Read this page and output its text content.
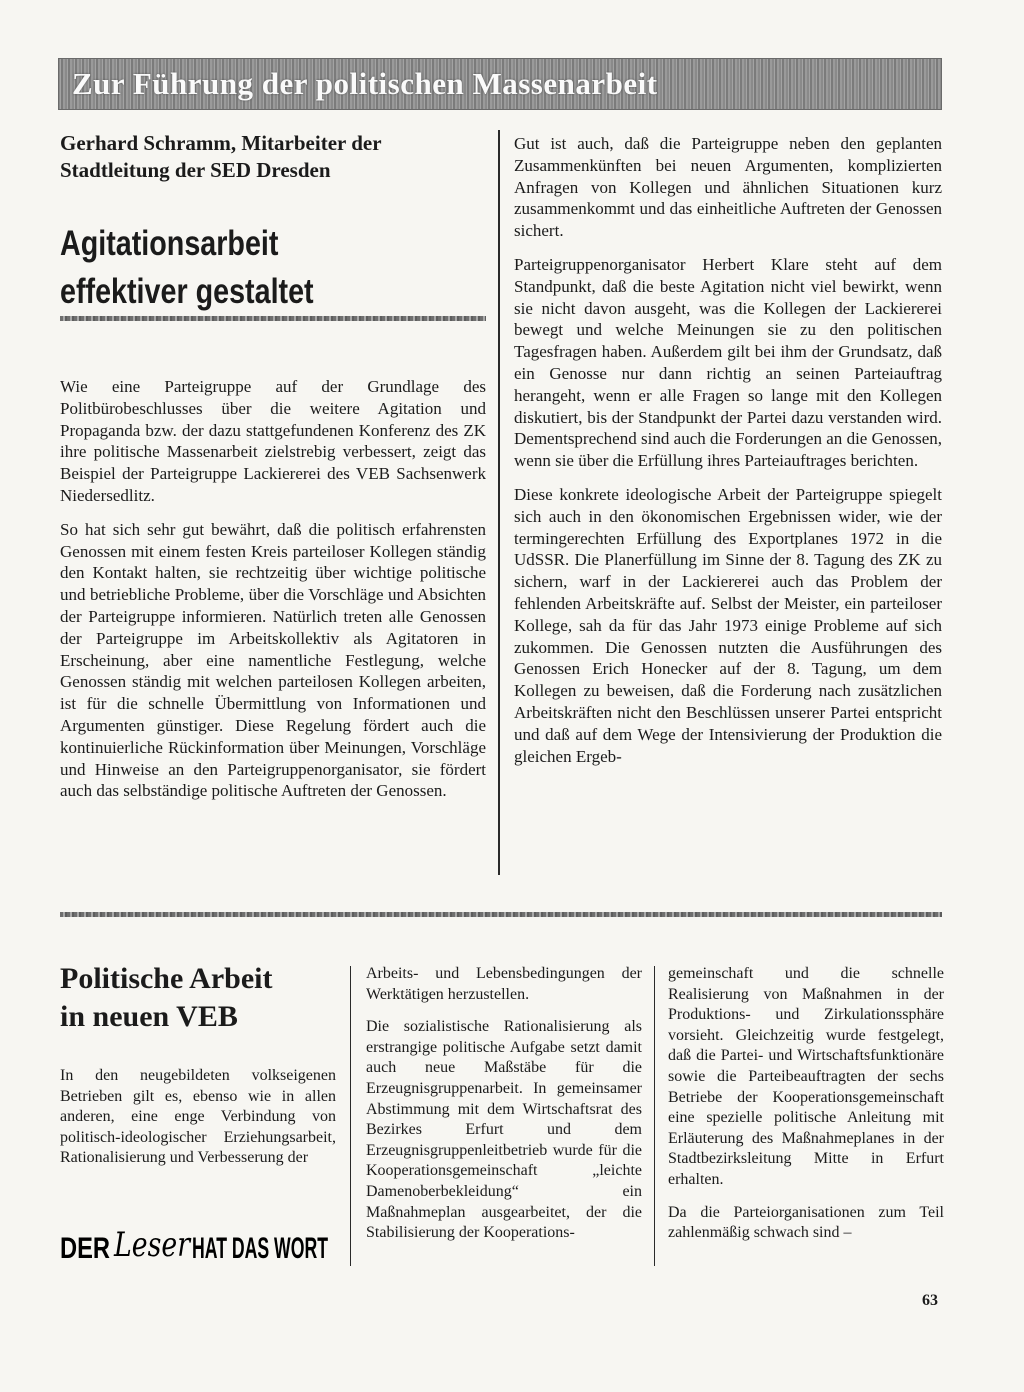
Zur Führung der politischen Massenarbeit
Gerhard Schramm, Mitarbeiter der Stadtleitung der SED Dresden
Agitationsarbeit
effektiver gestaltet

Wie eine Parteigruppe auf der Grundlage des Politbürobeschlusses über die weitere Agitation und Propaganda bzw. der dazu stattgefundenen Konferenz des ZK ihre politische Massenarbeit zielstrebig verbessert, zeigt das Beispiel der Parteigruppe Lackiererei des VEB Sachsenwerk Niedersedlitz.

So hat sich sehr gut bewährt, daß die politisch erfahrensten Genossen mit einem festen Kreis parteiloser Kollegen ständig den Kontakt halten, sie rechtzeitig über wichtige politische und betriebliche Probleme, über die Vorschläge und Absichten der Parteigruppe informieren. Natürlich treten alle Genossen der Parteigruppe im Arbeitskollektiv als Agitatoren in Erscheinung, aber eine namentliche Festlegung, welche Genossen ständig mit welchen parteilosen Kollegen arbeiten, ist für die schnelle Übermittlung von Informationen und Argumenten günstiger. Diese Regelung fördert auch die kontinuierliche Rückinformation über Meinungen, Vorschläge und Hinweise an den Parteigruppenorganisator, sie fördert auch das selbständige politische Auftreten der Genossen.

Gut ist auch, daß die Parteigruppe neben den geplanten Zusammenkünften bei neuen Argumenten, komplizierten Anfragen von Kollegen und ähnlichen Situationen kurz zusammenkommt und das einheitliche Auftreten der Genossen sichert.

Parteigruppenorganisator Herbert Klare steht auf dem Standpunkt, daß die beste Agitation nicht viel bewirkt, wenn sie nicht davon ausgeht, was die Kollegen der Lackiererei bewegt und welche Meinungen sie zu den politischen Tagesfragen haben. Außerdem gilt bei ihm der Grundsatz, daß ein Genosse nur dann richtig an seinen Parteiauftrag herangeht, wenn er alle Fragen so lange mit den Kollegen diskutiert, bis der Standpunkt der Partei dazu verstanden wird. Dementsprechend sind auch die Forderungen an die Genossen, wenn sie über die Erfüllung ihres Parteiauftrages berichten.

Diese konkrete ideologische Arbeit der Parteigruppe spiegelt sich auch in den ökonomischen Ergebnissen wider, wie der termingerechten Erfüllung des Exportplanes 1972 in die UdSSR. Die Planerfüllung im Sinne der 8. Tagung des ZK zu sichern, warf in der Lackiererei auch das Problem der fehlenden Arbeitskräfte auf. Selbst der Meister, ein parteiloser Kollege, sah da für das Jahr 1973 einige Probleme auf sich zukommen. Die Genossen nutzten die Ausführungen des Genossen Erich Honecker auf der 8. Tagung, um dem Kollegen zu beweisen, daß die Forderung nach zusätzlichen Arbeitskräften nicht den Beschlüssen unserer Partei entspricht und daß auf dem Wege der Intensivierung der Produktion die gleichen Ergeb-

Politische Arbeit
in neuen VEB

In den neugebildeten volkseigenen Betrieben gilt es, ebenso wie in allen anderen, eine enge Verbindung von politisch-ideologischer Erziehungsarbeit, Rationalisierung und Verbesserung der

DER Leser HAT DAS WORT

Arbeits- und Lebensbedingungen der Werktätigen herzustellen.

Die sozialistische Rationalisierung als erstrangige politische Aufgabe setzt damit auch neue Maßstäbe für die Erzeugnisgruppenarbeit. In gemeinsamer Abstimmung mit dem Wirtschaftsrat des Bezirkes Erfurt und dem Erzeugnisgruppenleitbetrieb wurde für die Kooperationsgemeinschaft „leichte Damenoberbekleidung“ ein Maßnahmeplan ausgearbeitet, der die Stabilisierung der Kooperations-

gemeinschaft und die schnelle Realisierung von Maßnahmen in der Produktions- und Zirkulationssphäre vorsieht. Gleichzeitig wurde festgelegt, daß die Partei- und Wirtschaftsfunktionäre sowie die Parteibeauftragten der sechs Betriebe der Kooperationsgemeinschaft eine spezielle politische Anleitung mit Erläuterung des Maßnahmeplanes in der Stadtbezirksleitung Mitte in Erfurt erhalten.

Da die Parteiorganisationen zum Teil zahlenmäßig schwach sind –

63
